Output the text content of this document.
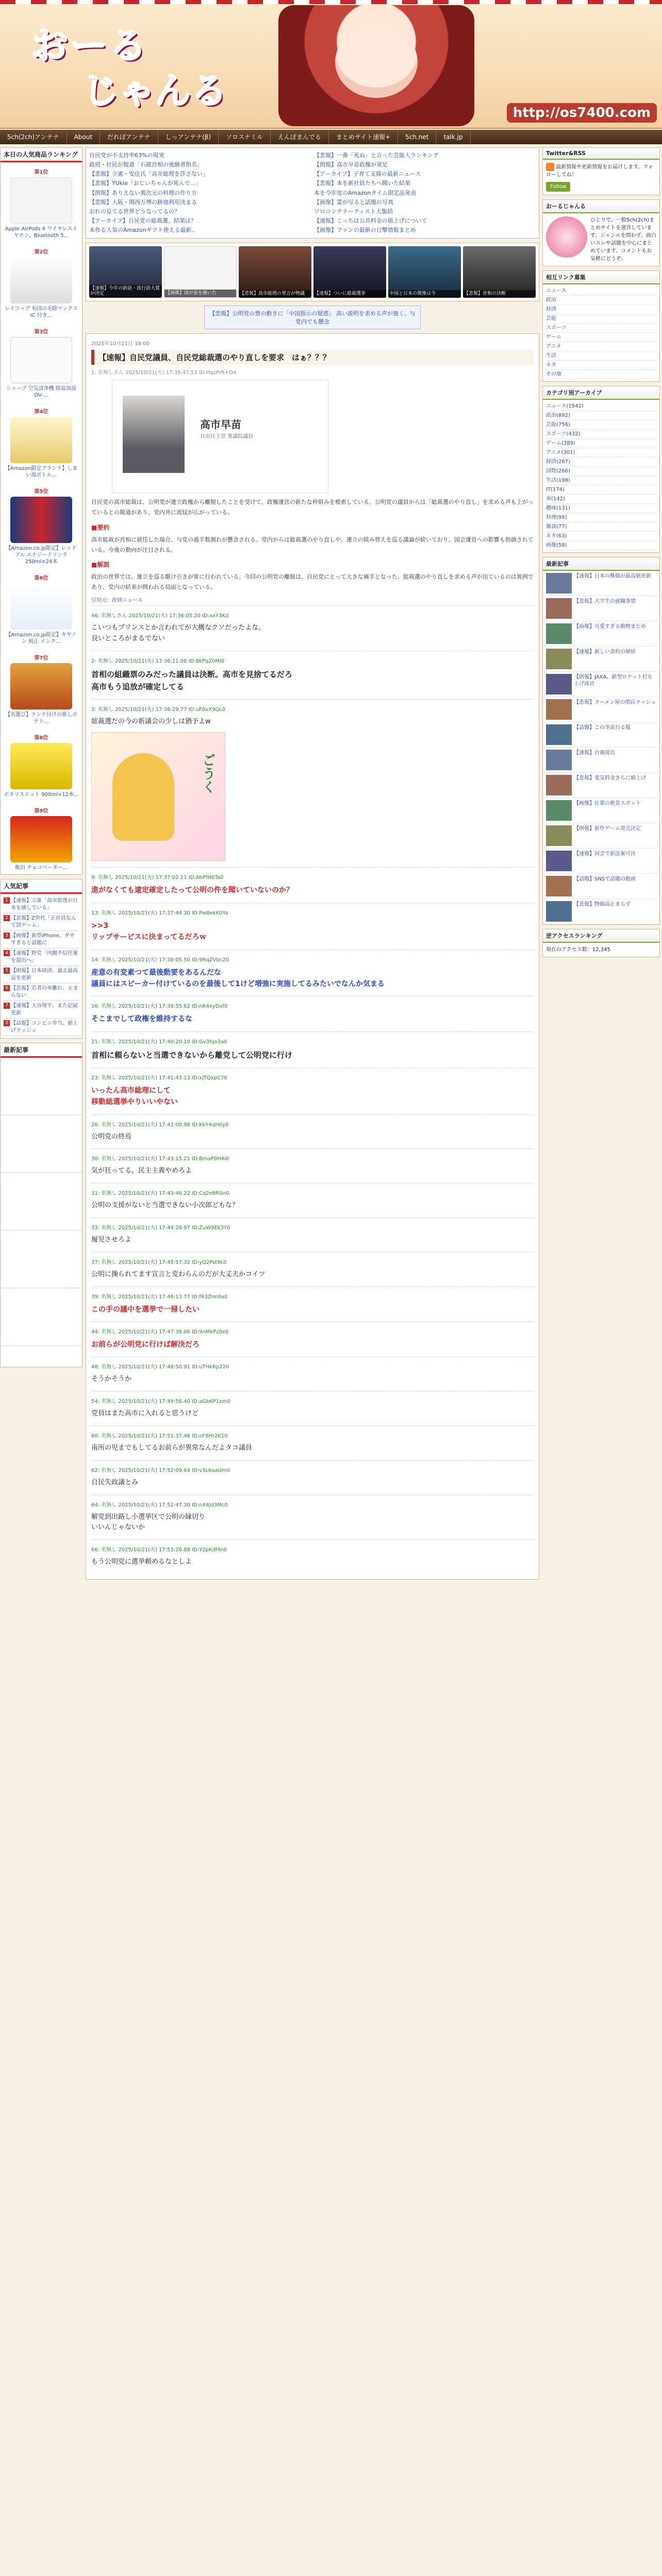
おーる
じゃんる
http://os7400.com
5ch(2ch)アンテナ	About	だれぼアンテナ	しっアンテナ(β)	ソロスナミル	えんぼまんでる	まとめサイト速報+	5ch.net	talk.jp
本日の人気商品ランキング
第1位
Apple AirPods 4 ワイヤレスイヤホン、Bluetooth 5...
第2位
レイコップ 布団の毛除マックスIC 付き...
第3位
シャープ 空気清浄機 除湿加湿 DV-...
第4位
【Amazon限定ブランド】しまい湯ボトル...
第5位
【Amazon.co.jp限定】レッドブル エナジードリンク 250ml×24本
第6位
【Amazon.co.jp限定】キヤノン 純正 インク...
第7位
【名選び】ランク付けの推しポテト...
第8位
ポカリスエット 900ml×12本...
第9位
亀田 チョコベーター...
人気記事
1 【速報】立憲「高市総理が日本を壊している」
2 【悲報】Z世代「正社員なんて罰ゲーム」
3 【画像】新型iPhone、ダサすぎると話題に
4 【速報】野党「内閣不信任案を提出へ」
5 【朗報】日本経済、過去最高益を更新
6 【悲報】若者の車離れ、止まらない
7 【速報】大谷翔平、また記録更新
8 【話題】コンビニ弁当、値上げラッシュ
最新記事
自民党が不支持率63%の現実
政府・社民が報道「石破首相の後継者指名」
【悲報】立憲・安住氏「高市総理を許さない」
【悲報】YUkie「おじいちゃんが死んで...」
【朗報】ありえない異次元の料理の作り方
【悲報】大阪・関西万博の跡地利用決まる
おれの見てる世界どうなってるの？
【アーカイブ】自民党の総裁選、結果は？
本作る人気のAmazonギフト使える最新..
【悲報】一番「死ぬ」と言った芸能人ランキング
【朗報】高市早苗政権が発足
【アーカイブ】子育て支援の最新ニュース
【悲報】本を新社員たちへ聞いた結果
本を今年度のAmazonタイム限定品発表
【画像】霊が写ると話題の写真
ソロコンテナーティスト大集結
【速報】こっちは公共料金の値上げについて
【画像】ファンの最新の目撃情報まとめ
【速報】今年の新語・流行語大賞が決定	【画像】図が星を描いた	【悲報】高市総理の発言が物議	【速報】ついに総裁選挙	中国と日本の関係は今	【悲報】首相の決断
【悲報】公明党の票の動きに「中国指示の疑惑」 高い説明を求める声が強く、与党内でも懸念
2025年10月21日 18:00
【速報】自民党議員、自民党総裁選のやり直しを要求　はぁ？？？
1: 名無しさん 2025/10/21(火) 17:35:47.53 ID:HqzPrR+Dd
高市早苗
自由民主党 衆議院議員

自民党の高市総裁は、公明党が連立政権から離脱したことを受けて、政権運営の新たな枠組みを模索している。公明党の議員からは「総裁選のやり直し」を求める声も上がっているとの報道があり、党内外に波紋が広がっている。

■要約

高市総裁が首相に就任した場合、与党の過半数割れが懸念される。党内からは総裁選のやり直しや、連立の組み替えを巡る議論が続いており、国会運営への影響も指摘されている。今後の動向が注目される。

■解説

政治の世界では、連立を巡る駆け引きが常に行われている。今回の公明党の離脱は、自民党にとって大きな痛手となった。総裁選のやり直しを求める声が出ているのは異例であり、党内の結束が問われる局面となっている。

引用元：産経ニュース
46: 名無しさん 2025/10/21(火) 17:36:05.20 ID:xxY3Kd
こいつもプリンスとか言われてが大概なクソだったよな。
良いところがまるでない
2: 名無し 2025/10/21(火) 17:36:11.08 ID:8kPqZ0Mi0
首相の組織票のみだった議員は決断。高市を見捨てるだろ
高市もう追放が確定してる
3: 名無し 2025/10/21(火) 17:36:29.77 ID:uF0vX9QL0
総裁選だの今の新議会の少しは猶予よw
ごうく
9: 名無し 2025/10/21(火) 17:37:02.11 ID:AbPfH0Ta0
進がなくても逮定確定したって公明の件を聞いていないのか？
13: 名無し 2025/10/21(火) 17:37:44.30 ID:Pw8ekK0Ya
>>3
リップサービスに決まってるだろｗ
14: 名無し 2025/10/21(火) 17:38:05.50 ID:9RqZVbc20
産意の有変素つて最後動要をあるんだな
議員にはスピーカー付けているのを最後して1けど増強に実施してるみたいでなんか気まる
16: 名無し 2025/10/21(火) 17:38:55.62 ID:nR4eyDxf0
そこまでして政権を維持するな
21: 名無し 2025/10/21(火) 17:40:20.10 ID:Gv3hJo3a0
首相に頼らないと当選できないから離党して公明党に行け
23: 名無し 2025/10/21(火) 17:41:43.13 ID:xjTQxpC70
いったん高市総理にして
移動総選挙やりいいやない
26: 名無し 2025/10/21(火) 17:42:00.98 ID:KkY4qH0y0
公明党の終焉
30: 名無し 2025/10/21(火) 17:43:15.21 ID:BmaP0H4i0
気が狂ってる。民主主義やめろよ
31: 名無し 2025/10/21(火) 17:43:46.22 ID:Cq2e8RSn0
公明の支援がないと当選できない小次郎どもな？
33: 名無し 2025/10/21(火) 17:44:28.97 ID:ZuW9Ek3Y0
履児させろよ
37: 名無し 2025/10/21(火) 17:45:57.32 ID:yQ2Pst9L0
公明に操られてます宣言と変わらんのだが大丈夫かコイツ
39: 名無し 2025/10/21(火) 17:46:13.77 ID:fR3Znn0a0
この手の議中を選挙で一掃したい
44: 名無し 2025/10/21(火) 17:47:38.06 ID:9nMkPz0e0
お前らが公明党に行けば解決だろ
48: 名無し 2025/10/21(火) 17:48:50.91 ID:uTHkRp220
そうかそうか
54: 名無し 2025/10/21(火) 17:49:56.40 ID:aGb6P1xm0
党員はまた高市に入れると思うけど
60: 名無し 2025/10/21(火) 17:51:37.48 ID:oF8Hr2K10
南所の児までもしてるお前らが異常なんだよタコ議員
62: 名無し 2025/10/21(火) 17:52:09.64 ID:v3L6aaUm0
自民失政議とみ
64: 名無し 2025/10/21(火) 17:52:47.30 ID:nX4Jd3Mc0
解党到出路し小選挙区で公明の縁切り
いいんじゃないか
66: 名無し 2025/10/21(火) 17:53:20.88 ID:Y2pKdf4n0
もう公明党に選挙頼めるなとしよ
Twitter&RSS
最新情報や更新情報をお届けします。フォローしてね！
Follow
おーるじゃんる
ひとりで、一般5ch(2ch)まとめサイトを運営しています。ジャンルを問わず、面白いスレや話題を中心にまとめています。コメントもお気軽にどうぞ。
相互リンク募集
ニュース
政治
経済
芸能
スポーツ
ゲーム
アニメ
生活
ネタ
その他
カテゴリ別アーカイブ
ニュース(1542)
政治(892)
芸能(756)
スポーツ(432)
ゲーム(389)
アニメ(301)
経済(287)
国際(266)
生活(198)
IT(174)
車(142)
趣味(131)
料理(99)
雑談(77)
ネタ(63)
画像(58)
最新記事
【速報】日本の株価が最高値更新
【悲報】大学生の就職事情
【画像】可愛すぎる動物まとめ
【速報】新しい条約の締結
【朗報】JAXA、新型ロケット打ち上げ成功
【悲報】ラーメン屋の閉店ラッシュ
【話題】この冬流行る服
【速報】台風接近
【悲報】電気料金さらに値上げ
【画像】紅葉の絶景スポット
【朗報】新作ゲーム発売決定
【速報】国会で新法案可決
【話題】SNSで話題の動画
【悲報】物価高止まらず
逆アクセスランキング
現在のアクセス数：12,345
